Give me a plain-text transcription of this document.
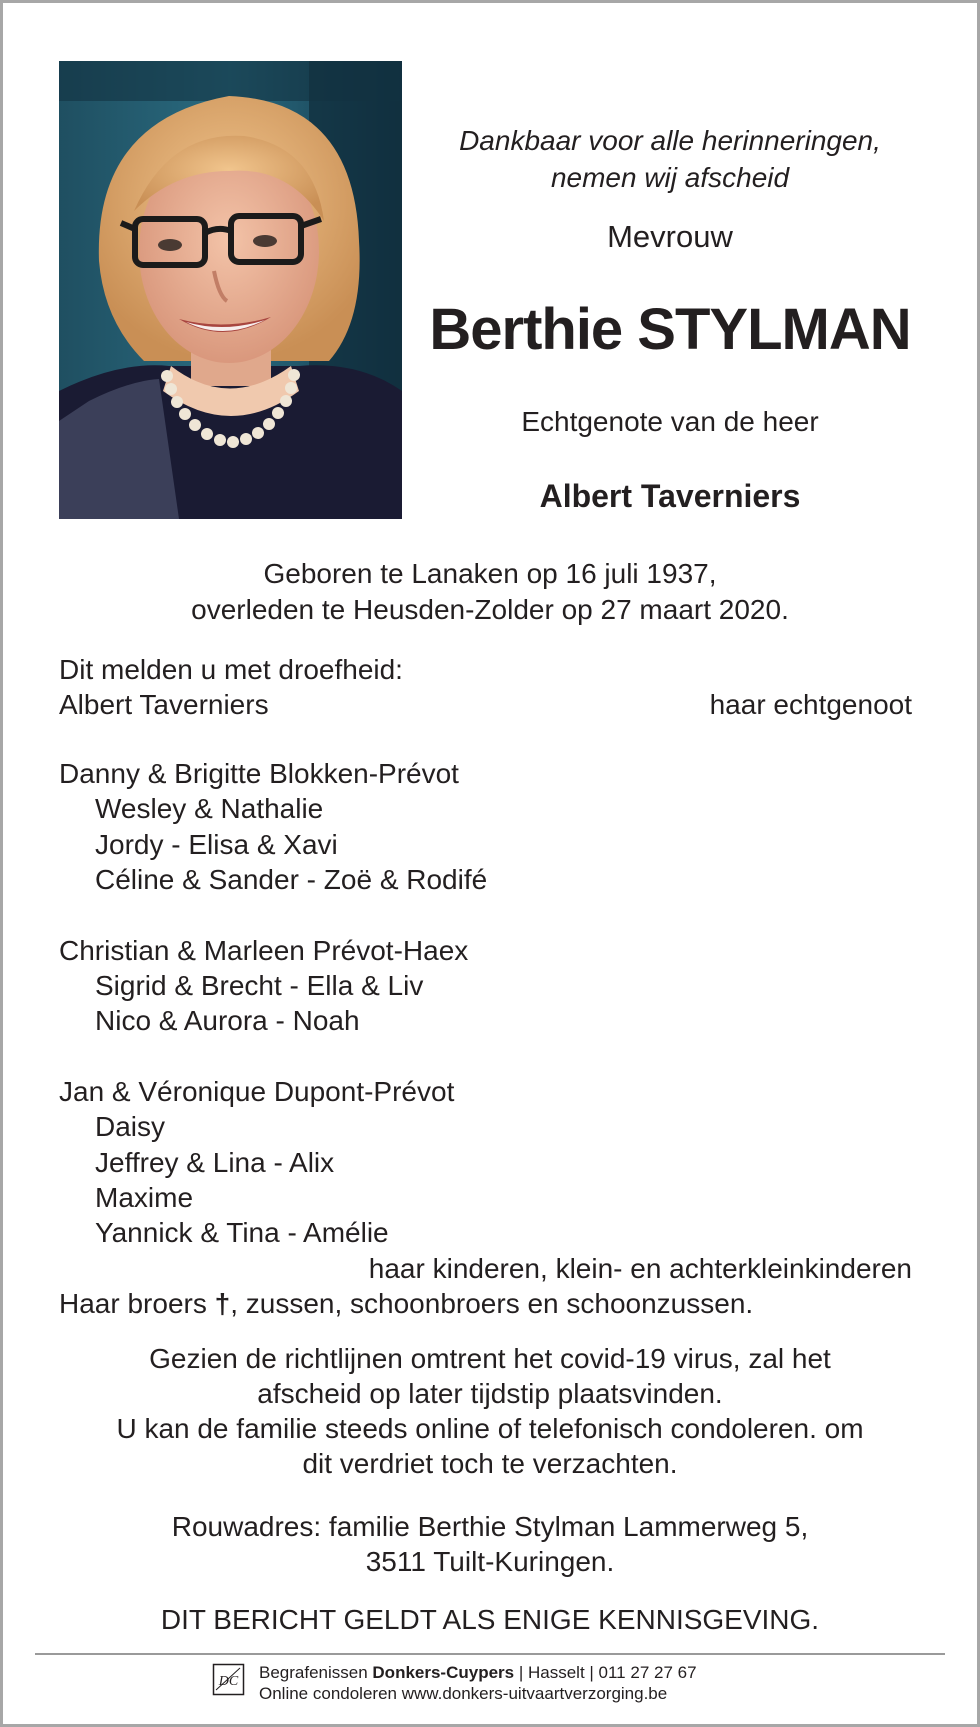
Dankbaar voor alle herinneringen,
nemen wij afscheid
Mevrouw
Berthie STYLMAN
Echtgenote van de heer
Albert Taverniers
Geboren te Lanaken op 16 juli 1937,
overleden te Heusden-Zolder op 27 maart 2020.
Dit melden u met droefheid:
Albert Taverniers	haar echtgenoot
Danny & Brigitte Blokken-Prévot
Wesley & Nathalie
Jordy - Elisa & Xavi
Céline & Sander - Zoë & Rodifé
Christian & Marleen Prévot-Haex
Sigrid & Brecht - Ella & Liv
Nico & Aurora - Noah
Jan & Véronique Dupont-Prévot
Daisy
Jeffrey & Lina - Alix
Maxime
Yannick & Tina - Amélie
haar kinderen, klein- en achterkleinkinderen
Haar broers †, zussen, schoonbroers en schoonzussen.
Gezien de richtlijnen omtrent het covid-19 virus, zal het
afscheid op later tijdstip plaatsvinden.
U kan de familie steeds online of telefonisch condoleren. om
dit verdriet toch te verzachten.
Rouwadres: familie Berthie Stylman Lammerweg 5,
3511 Tuilt-Kuringen.
DIT BERICHT GELDT ALS ENIGE KENNISGEVING.
DC Begrafenissen Donkers-Cuypers | Hasselt | 011 27 27 67
Online condoleren www.donkers-uitvaartverzorging.be
